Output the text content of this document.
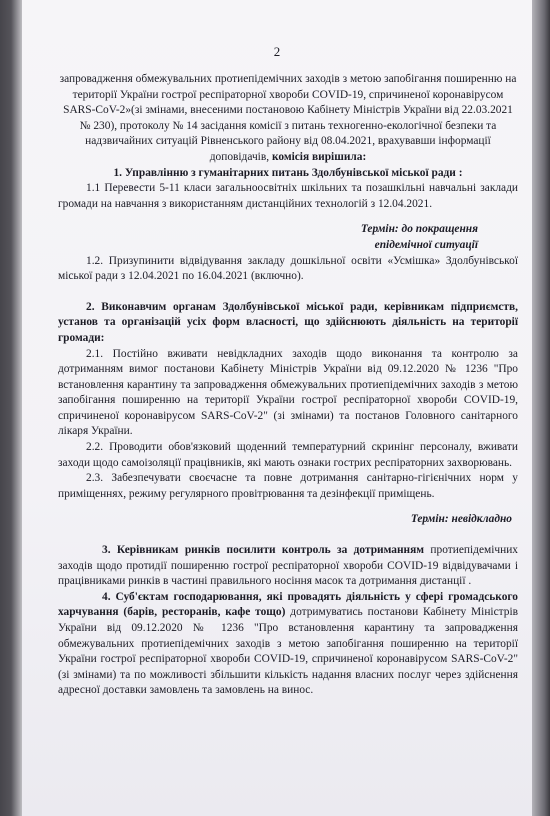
2

запровадження обмежувальних протиепідемічних заходів з метою запобігання поширенню на території України гострої респіраторної хвороби COVID-19, спричиненої коронавірусом SARS-CoV-2»(зі змінами, внесеними постановою Кабінету Міністрів України від 22.03.2021 № 230), протоколу № 14 засідання комісії з питань техногенно-екологічної безпеки та надзвичайних ситуацій Рівненського району від 08.04.2021, врахувавши інформації доповідачів, комісія вирішила:

1. Управлінню з гуманітарних питань Здолбунівської міської ради :

1.1 Перевести 5-11 класи загальноосвітніх шкільних та позашкільні навчальні заклади громади на навчання з використанням дистанційних технологій з 12.04.2021.

Термін: до покращення

епідемічної ситуації

1.2. Призупинити відвідування закладу дошкільної освіти «Усмішка» Здолбунівської міської ради з 12.04.2021 по 16.04.2021 (включно).

2. Виконавчим органам Здолбунівської міської ради, керівникам підприємств, установ та організацій усіх форм власності, що здійснюють діяльність на території громади:

2.1. Постійно вживати невідкладних заходів щодо виконання та контролю за дотриманням вимог постанови Кабінету Міністрів України від 09.12.2020 № 1236 "Про встановлення карантину та запровадження обмежувальних протиепідемічних заходів з метою запобігання поширенню на території України гострої респіраторної хвороби COVID-19, спричиненої коронавірусом SARS-CoV-2" (зі змінами) та постанов Головного санітарного лікаря України.

2.2. Проводити обов'язковий щоденний температурний скринінг персоналу, вживати заходи щодо самоізоляції працівників, які мають ознаки гострих респіраторних захворювань.

2.3. Забезпечувати своєчасне та повне дотримання санітарно-гігієнічних норм у приміщеннях, режиму регулярного провітрювання та дезінфекції приміщень.

Термін: невідкладно

3. Керівникам ринків посилити контроль за дотриманням протиепідемічних заходів щодо протидії поширенню гострої респіраторної хвороби COVID-19 відвідувачами і працівниками ринків в частині правильного носіння масок та дотримання дистанції .

4. Суб'єктам господарювання, які провадять діяльність у сфері громадського харчування (барів, ресторанів, кафе тощо) дотримуватись постанови Кабінету Міністрів України від 09.12.2020 № 1236 "Про встановлення карантину та запровадження обмежувальних протиепідемічних заходів з метою запобігання поширенню на території України гострої респіраторної хвороби COVID-19, спричиненої коронавірусом SARS-CoV-2" (зі змінами) та по можливості збільшити кількість надання власних послуг через здійснення адресної доставки замовлень та замовлень на винос.
